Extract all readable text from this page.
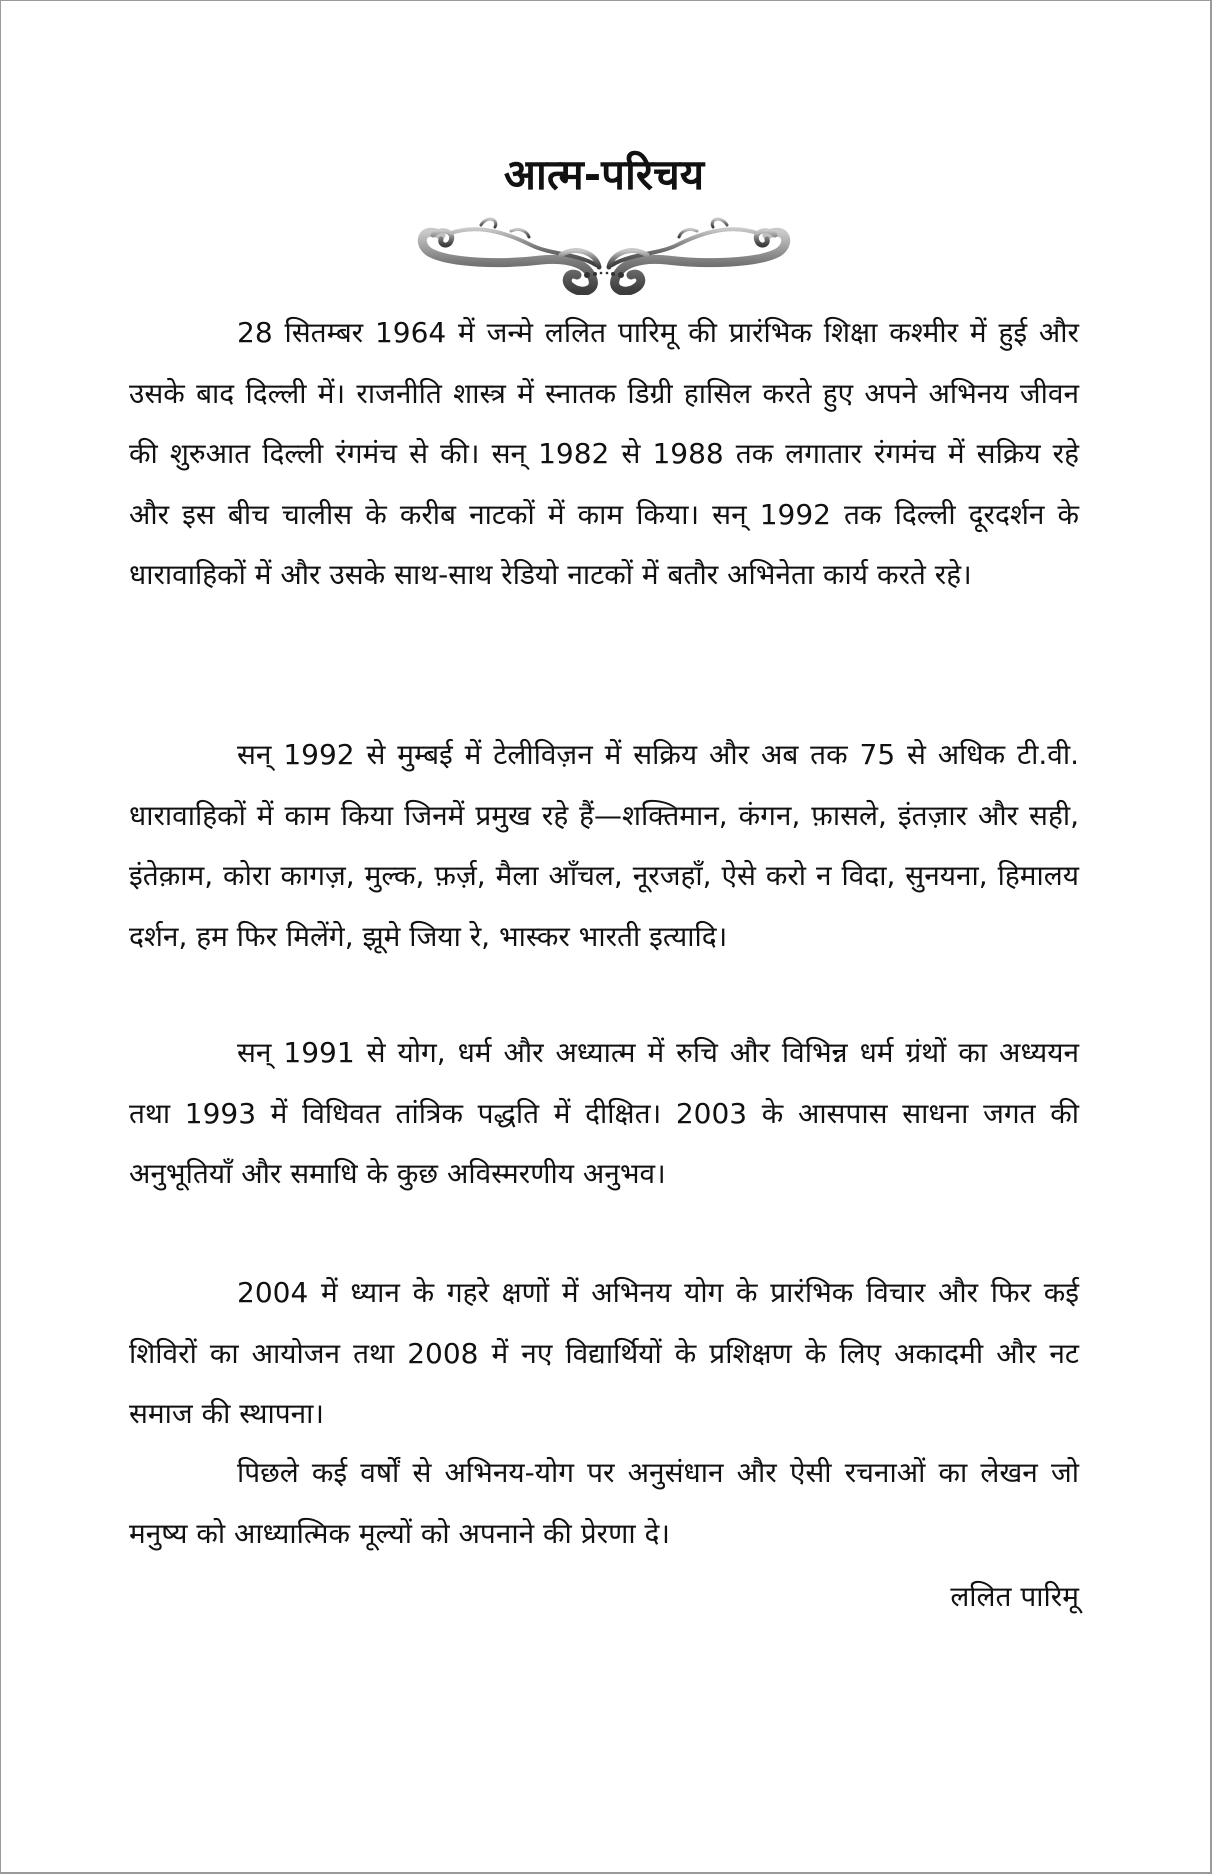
आत्म-परिचय

28 सितम्बर 1964 में जन्मे ललित पारिमू की प्रारंभिक शिक्षा कश्मीर में हुई और उसके बाद दिल्ली में। राजनीति शास्त्र में स्नातक डिग्री हासिल करते हुए अपने अभिनय जीवन की शुरुआत दिल्ली रंगमंच से की। सन् 1982 से 1988 तक लगातार रंगमंच में सक्रिय रहे और इस बीच चालीस के करीब नाटकों में काम किया। सन् 1992 तक दिल्ली दूरदर्शन के धारावाहिकों में और उसके साथ-साथ रेडियो नाटकों में बतौर अभिनेता कार्य करते रहे।

सन् 1992 से मुम्बई में टेलीविज़न में सक्रिय और अब तक 75 से अधिक टी.वी. धारावाहिकों में काम किया जिनमें प्रमुख रहे हैं—शक्तिमान, कंगन, फ़ासले, इंतज़ार और सही, इंतेक़ाम, कोरा कागज़, मुल्क, फ़र्ज़, मैला आँचल, नूरजहाँ, ऐसे करो न विदा, सुनयना, हिमालय दर्शन, हम फिर मिलेंगे, झूमे जिया रे, भास्कर भारती इत्यादि।

सन् 1991 से योग, धर्म और अध्यात्म में रुचि और विभिन्न धर्म ग्रंथों का अध्ययन तथा 1993 में विधिवत तांत्रिक पद्धति में दीक्षित। 2003 के आसपास साधना जगत की अनुभूतियाँ और समाधि के कुछ अविस्मरणीय अनुभव।

2004 में ध्यान के गहरे क्षणों में अभिनय योग के प्रारंभिक विचार और फिर कई शिविरों का आयोजन तथा 2008 में नए विद्यार्थियों के प्रशिक्षण के लिए अकादमी और नट समाज की स्थापना।

पिछले कई वर्षों से अभिनय-योग पर अनुसंधान और ऐसी रचनाओं का लेखन जो मनुष्य को आध्यात्मिक मूल्यों को अपनाने की प्रेरणा दे।

ललित पारिमू
